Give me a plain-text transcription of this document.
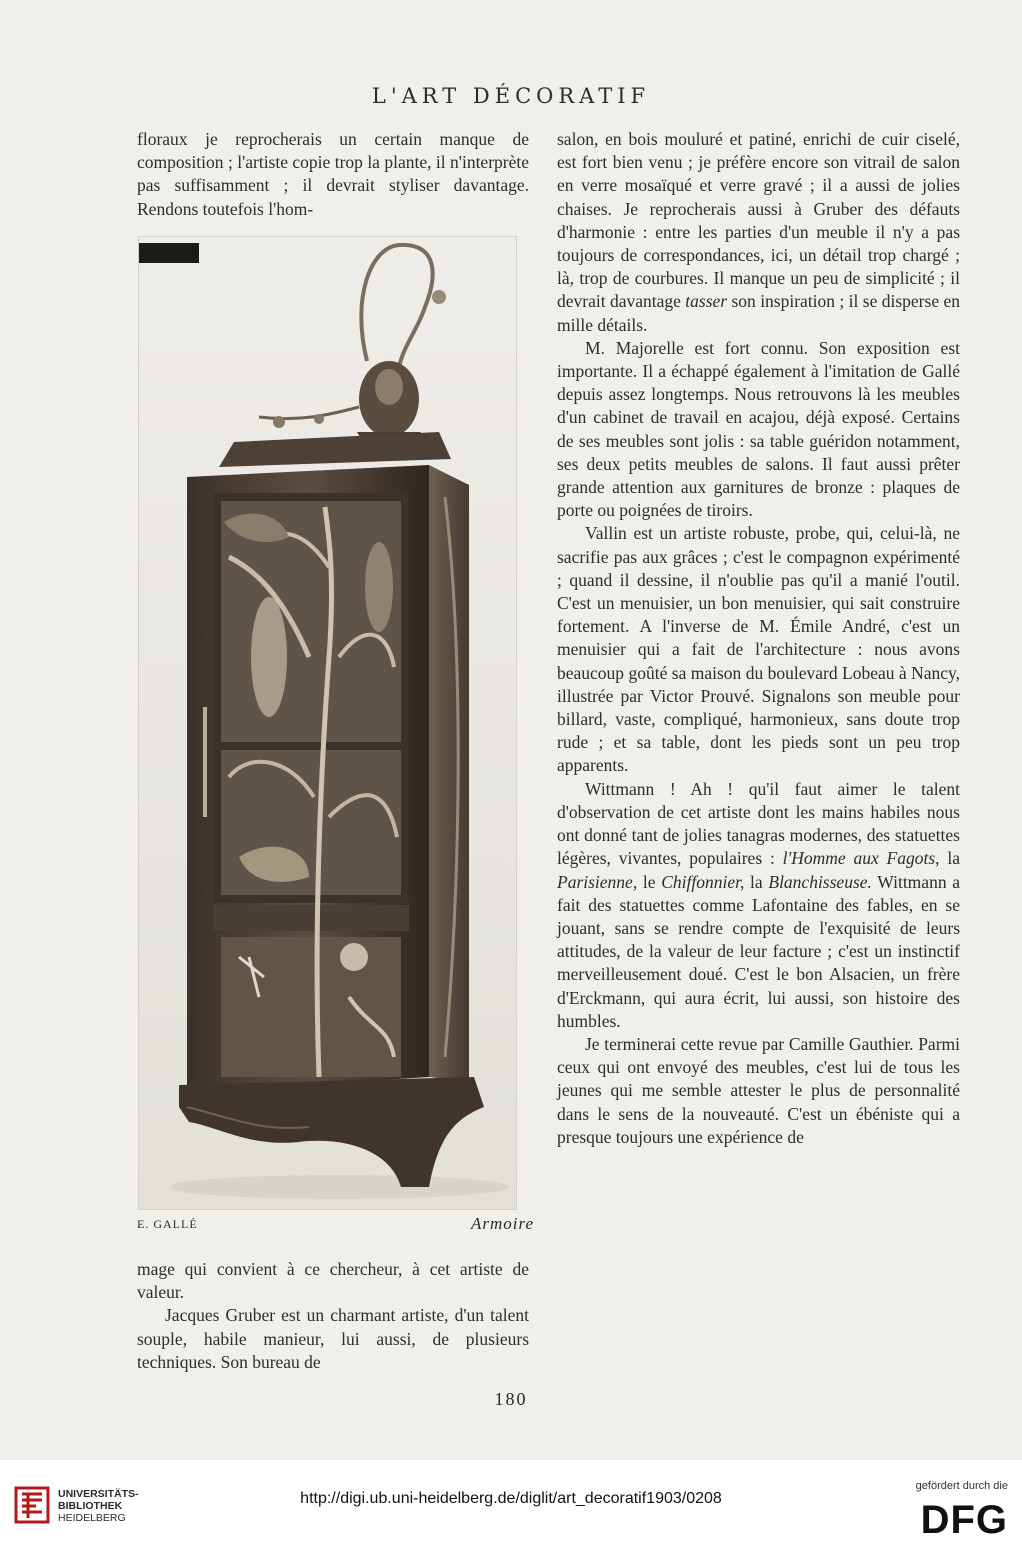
L'ART DÉCORATIF

floraux je reprocherais un certain manque de composition ; l'artiste copie trop la plante, il n'interprète pas suffisamment ; il devrait styliser davantage. Rendons toutefois l'hom-

E. GALLÉ	Armoire

mage qui convient à ce chercheur, à cet artiste de valeur.

Jacques Gruber est un charmant artiste, d'un talent souple, habile manieur, lui aussi, de plusieurs techniques. Son bureau de

salon, en bois mouluré et patiné, enrichi de cuir ciselé, est fort bien venu ; je préfère encore son vitrail de salon en verre mosaïqué et verre gravé ; il a aussi de jolies chaises. Je reprocherais aussi à Gruber des défauts d'harmonie : entre les parties d'un meuble il n'y a pas toujours de correspondances, ici, un détail trop chargé ; là, trop de courbures. Il manque un peu de simplicité ; il devrait davantage tasser son inspiration ; il se disperse en mille détails.

M. Majorelle est fort connu. Son exposition est importante. Il a échappé également à l'imitation de Gallé depuis assez longtemps. Nous retrouvons là les meubles d'un cabinet de travail en acajou, déjà exposé. Certains de ses meubles sont jolis : sa table guéridon notamment, ses deux petits meubles de salons. Il faut aussi prêter grande attention aux garnitures de bronze : plaques de porte ou poignées de tiroirs.

Vallin est un artiste robuste, probe, qui, celui-là, ne sacrifie pas aux grâces ; c'est le compagnon expérimenté ; quand il dessine, il n'oublie pas qu'il a manié l'outil. C'est un menuisier, un bon menuisier, qui sait construire fortement. A l'inverse de M. Émile André, c'est un menuisier qui a fait de l'architecture : nous avons beaucoup goûté sa maison du boulevard Lobeau à Nancy, illustrée par Victor Prouvé. Signalons son meuble pour billard, vaste, compliqué, harmonieux, sans doute trop rude ; et sa table, dont les pieds sont un peu trop apparents.

Wittmann ! Ah ! qu'il faut aimer le talent d'observation de cet artiste dont les mains habiles nous ont donné tant de jolies tanagras modernes, des statuettes légères, vivantes, populaires : l'Homme aux Fagots, la Parisienne, le Chiffonnier, la Blanchisseuse. Wittmann a fait des statuettes comme Lafontaine des fables, en se jouant, sans se rendre compte de l'exquisité de leurs attitudes, de la valeur de leur facture ; c'est un instinctif merveilleusement doué. C'est le bon Alsacien, un frère d'Erckmann, qui aura écrit, lui aussi, son histoire des humbles.

Je terminerai cette revue par Camille Gauthier. Parmi ceux qui ont envoyé des meubles, c'est lui de tous les jeunes qui me semble attester le plus de personnalité dans le sens de la nouveauté. C'est un ébéniste qui a presque toujours une expérience de

180
UNIVERSITÄTS-
BIBLIOTHEK
HEIDELBERG
http://digi.ub.uni-heidelberg.de/diglit/art_decoratif1903/0208
gefördert durch die
DFG
